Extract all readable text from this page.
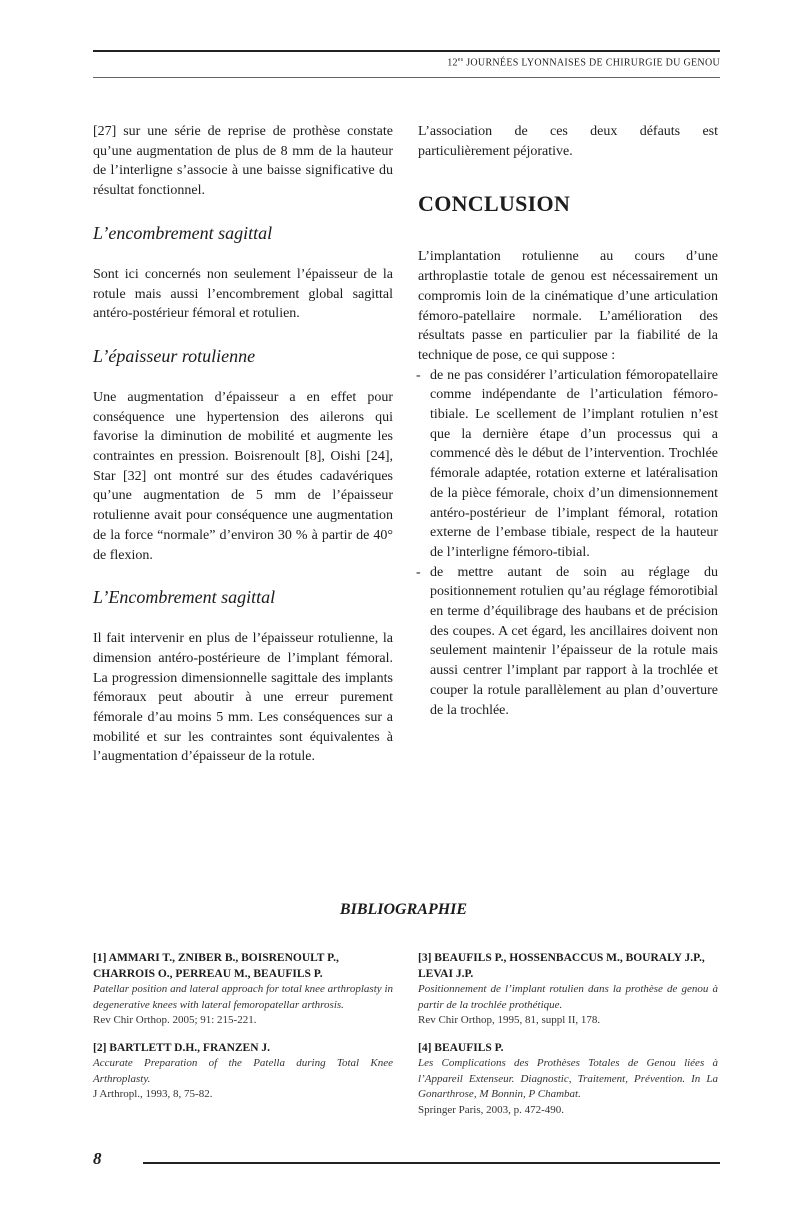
$12^{es}$ JOURNÉES LYONNAISES DE CHIRURGIE DU GENOU

[27] sur une série de reprise de prothèse constate qu’une augmentation de plus de 8 mm de la hauteur de l’interligne s’associe à une baisse significative du résultat fonctionnel.

L’encombrement sagittal

Sont ici concernés non seulement l’épaisseur de la rotule mais aussi l’encombrement global sagittal antéro-postérieur fémoral et rotulien.

L’épaisseur rotulienne

Une augmentation d’épaisseur a en effet pour conséquence une hypertension des ailerons qui favorise la diminution de mobilité et augmente les contraintes en pression. Boisrenoult [8], Oishi [24], Star [32] ont montré sur des études cadavériques qu’une augmentation de 5 mm de l’épaisseur rotulienne avait pour conséquence une augmentation de la force “normale” d’environ 30 % à partir de 40° de flexion.

L’Encombrement sagittal

Il fait intervenir en plus de l’épaisseur rotulienne, la dimension antéro-postérieure de l’implant fémoral. La progression dimensionnelle sagittale des implants fémoraux peut aboutir à une erreur purement fémorale d’au moins 5 mm. Les conséquences sur a mobilité et sur les contraintes sont équivalentes à l’augmentation d’épaisseur de la rotule.

L’association de ces deux défauts est particulièrement péjorative.

CONCLUSION

L’implantation rotulienne au cours d’une arthroplastie totale de genou est nécessairement un compromis loin de la cinématique d’une articulation fémoro-patellaire normale. L’amélioration des résultats passe en particulier par la fiabilité de la technique de pose, ce qui suppose :

- de ne pas considérer l’articulation fémoropatellaire comme indépendante de l’articulation fémoro-tibiale. Le scellement de l’implant rotulien n’est que la dernière étape d’un processus qui a commencé dès le début de l’intervention. Trochlée fémorale adaptée, rotation externe et latéralisation de la pièce fémorale, choix d’un dimensionnement antéro-postérieur de l’implant fémoral, rotation externe de l’embase tibiale, respect de la hauteur de l’interligne fémoro-tibial.
- de mettre autant de soin au réglage du positionnement rotulien qu’au réglage fémorotibial en terme d’équilibrage des haubans et de précision des coupes. A cet égard, les ancillaires doivent non seulement maintenir l’épaisseur de la rotule mais aussi centrer l’implant par rapport à la trochlée et couper la rotule parallèlement au plan d’ouverture de la trochlée.
BIBLIOGRAPHIE
[1] AMMARI T., ZNIBER B., BOISRENOULT P., CHARROIS O., PERREAU M., BEAUFILS P.
Patellar position and lateral approach for total knee arthroplasty in degenerative knees with lateral femoropatellar arthrosis.
Rev Chir Orthop. 2005; 91: 215-221.
[2] BARTLETT D.H., FRANZEN J.
Accurate Preparation of the Patella during Total Knee Arthroplasty.
J Arthropl., 1993, 8, 75-82.
[3] BEAUFILS P., HOSSENBACCUS M., BOURALY J.P., LEVAI J.P.
Positionnement de l’implant rotulien dans la prothèse de genou à partir de la trochlée prothétique.
Rev Chir Orthop, 1995, 81, suppl II, 178.
[4] BEAUFILS P.
Les Complications des Prothèses Totales de Genou liées à l’Appareil Extenseur. Diagnostic, Traitement, Prévention. In La Gonarthrose, M Bonnin, P Chambat.
Springer Paris, 2003, p. 472-490.
8
